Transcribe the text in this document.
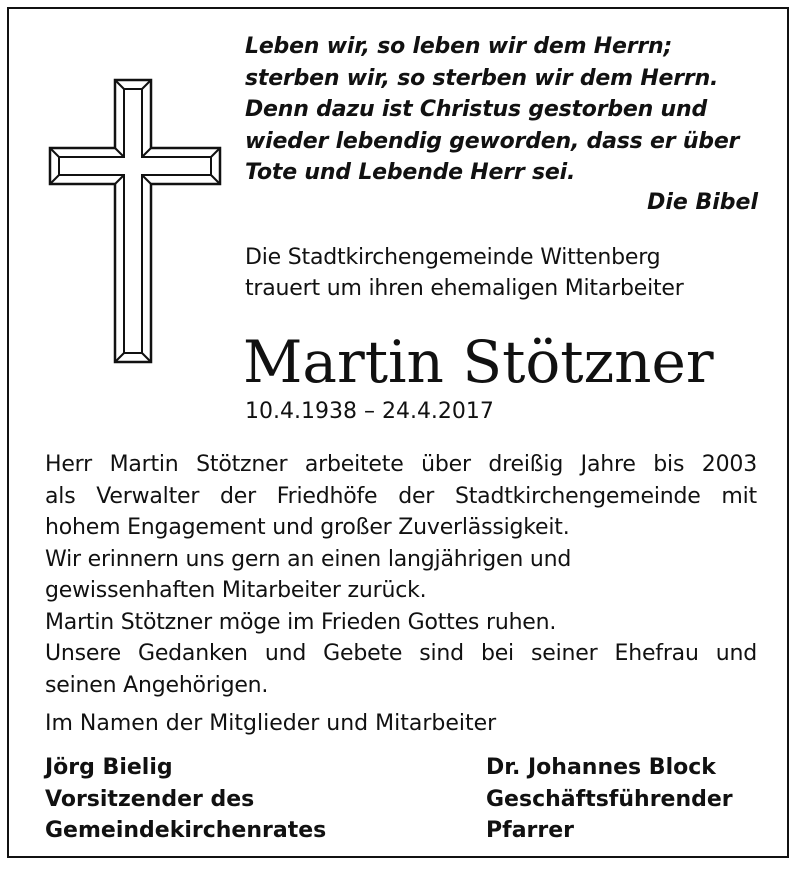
Leben wir, so leben wir dem Herrn;
sterben wir, so sterben wir dem Herrn.
Denn dazu ist Christus gestorben und
wieder lebendig geworden, dass er über
Tote und Lebende Herr sei.
Die Bibel
Die Stadtkirchengemeinde Wittenberg
trauert um ihren ehemaligen Mitarbeiter
Martin Stötzner
10.4.1938 – 24.4.2017
Herr Martin Stötzner arbeitete über dreißig Jahre bis 2003
als Verwalter der Friedhöfe der Stadtkirchengemeinde mit
hohem Engagement und großer Zuverlässigkeit.
Wir erinnern uns gern an einen langjährigen und
gewissenhaften Mitarbeiter zurück.
Martin Stötzner möge im Frieden Gottes ruhen.
Unsere Gedanken und Gebete sind bei seiner Ehefrau und
seinen Angehörigen.
Im Namen der Mitglieder und Mitarbeiter
Jörg Bielig
Vorsitzender des
Gemeindekirchenrates
Dr. Johannes Block
Geschäftsführender
Pfarrer
